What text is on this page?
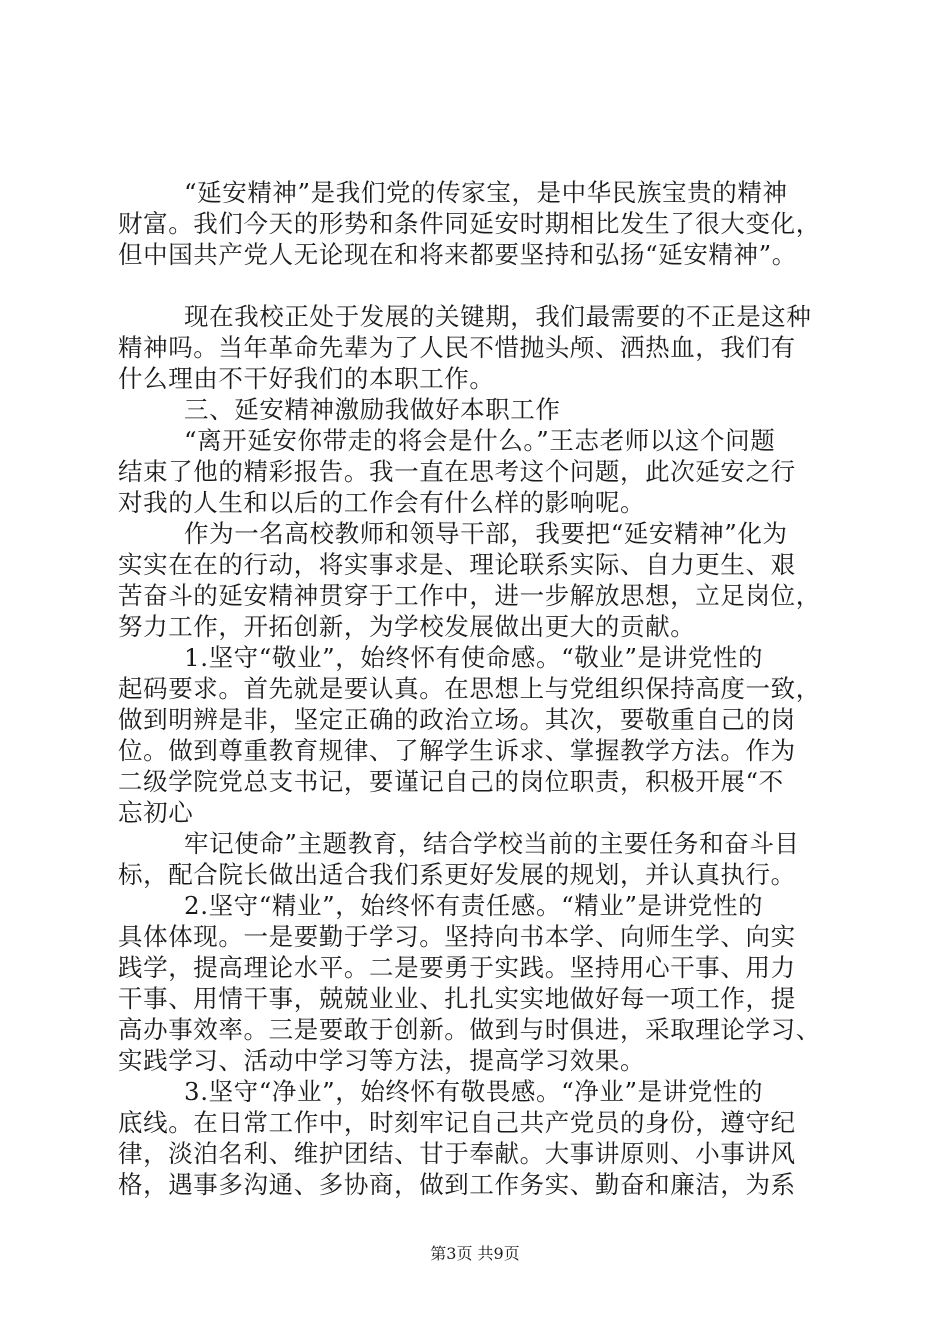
“延安精神”是我们党的传家宝，是中华民族宝贵的精神
财富。我们今天的形势和条件同延安时期相比发生了很大变化，
但中国共产党人无论现在和将来都要坚持和弘扬“延安精神”。
现在我校正处于发展的关键期，我们最需要的不正是这种
精神吗。当年革命先辈为了人民不惜抛头颅、洒热血，我们有
什么理由不干好我们的本职工作。
三、延安精神激励我做好本职工作
“离开延安你带走的将会是什么。”王志老师以这个问题
结束了他的精彩报告。我一直在思考这个问题，此次延安之行
对我的人生和以后的工作会有什么样的影响呢。
作为一名高校教师和领导干部，我要把“延安精神”化为
实实在在的行动，将实事求是、理论联系实际、自力更生、艰
苦奋斗的延安精神贯穿于工作中，进一步解放思想，立足岗位，
努力工作，开拓创新，为学校发展做出更大的贡献。
1.坚守“敬业”，始终怀有使命感。“敬业”是讲党性的
起码要求。首先就是要认真。在思想上与党组织保持高度一致，
做到明辨是非，坚定正确的政治立场。其次，要敬重自己的岗
位。做到尊重教育规律、了解学生诉求、掌握教学方法。作为
二级学院党总支书记，要谨记自己的岗位职责，积极开展“不
忘初心
牢记使命”主题教育，结合学校当前的主要任务和奋斗目
标，配合院长做出适合我们系更好发展的规划，并认真执行。
2.坚守“精业”，始终怀有责任感。“精业”是讲党性的
具体体现。一是要勤于学习。坚持向书本学、向师生学、向实
践学，提高理论水平。二是要勇于实践。坚持用心干事、用力
干事、用情干事，兢兢业业、扎扎实实地做好每一项工作，提
高办事效率。三是要敢于创新。做到与时俱进，采取理论学习、
实践学习、活动中学习等方法，提高学习效果。
3.坚守“净业”，始终怀有敬畏感。“净业”是讲党性的
底线。在日常工作中，时刻牢记自己共产党员的身份，遵守纪
律，淡泊名利、维护团结、甘于奉献。大事讲原则、小事讲风
格，遇事多沟通、多协商，做到工作务实、勤奋和廉洁，为系
第3页 共9页
